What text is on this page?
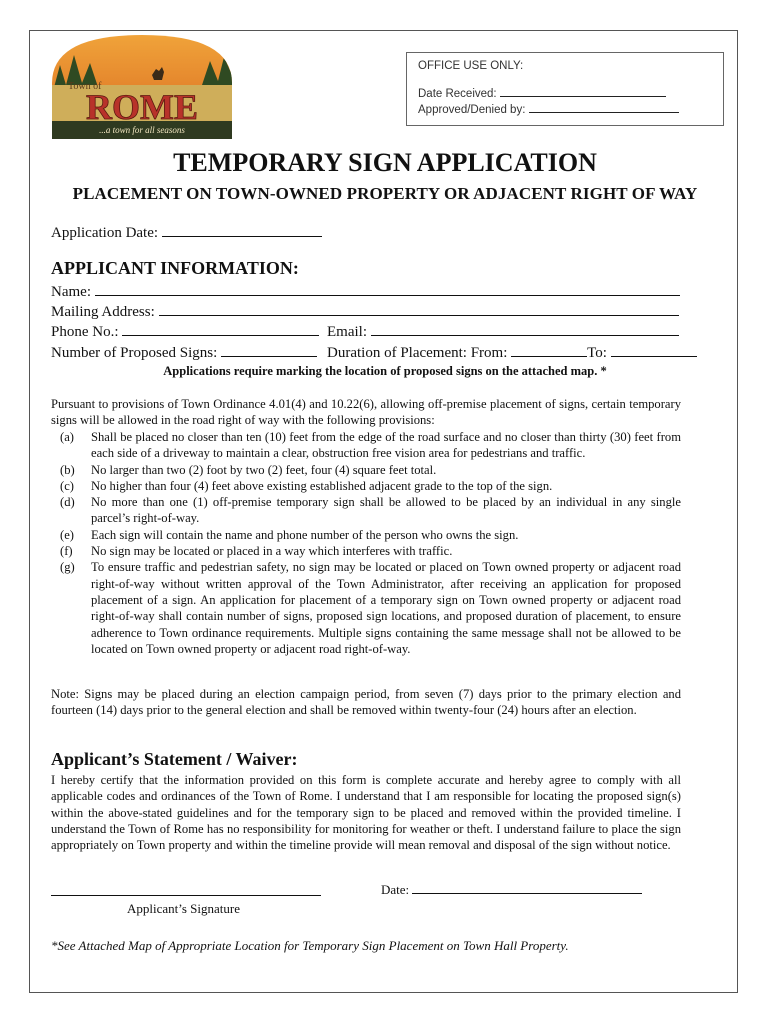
Town of
ROME
...a town for all seasons
OFFICE USE ONLY:
Date Received:
Approved/Denied by:
TEMPORARY SIGN APPLICATION
PLACEMENT ON TOWN-OWNED PROPERTY OR ADJACENT RIGHT OF WAY
Application Date:
APPLICANT INFORMATION:
Name:
Mailing Address:
Phone No.:	Email:
Number of Proposed Signs:	Duration of Placement: From:	To:
Applications require marking the location of proposed signs on the attached map. *
Pursuant to provisions of Town Ordinance 4.01(4) and 10.22(6), allowing off-premise placement of signs, certain temporary signs will be allowed in the road right of way with the following provisions:
(a) Shall be placed no closer than ten (10) feet from the edge of the road surface and no closer than thirty (30) feet from each side of a driveway to maintain a clear, obstruction free vision area for pedestrians and traffic.
(b) No larger than two (2) foot by two (2) feet, four (4) square feet total.
(c) No higher than four (4) feet above existing established adjacent grade to the top of the sign.
(d) No more than one (1) off-premise temporary sign shall be allowed to be placed by an individual in any single parcel’s right-of-way.
(e) Each sign will contain the name and phone number of the person who owns the sign.
(f) No sign may be located or placed in a way which interferes with traffic.
(g) To ensure traffic and pedestrian safety, no sign may be located or placed on Town owned property or adjacent road right-of-way without written approval of the Town Administrator, after receiving an application for proposed placement of a sign. An application for placement of a temporary sign on Town owned property or adjacent road right-of-way shall contain number of signs, proposed sign locations, and proposed duration of placement, to ensure adherence to Town ordinance requirements. Multiple signs containing the same message shall not be allowed to be located on Town owned property or adjacent road right-of-way.
Note: Signs may be placed during an election campaign period, from seven (7) days prior to the primary election and fourteen (14) days prior to the general election and shall be removed within twenty-four (24) hours after an election.
Applicant’s Statement / Waiver:
I hereby certify that the information provided on this form is complete accurate and hereby agree to comply with all applicable codes and ordinances of the Town of Rome. I understand that I am responsible for locating the proposed sign(s) within the above-stated guidelines and for the temporary sign to be placed and removed within the provided timeline. I understand the Town of Rome has no responsibility for monitoring for weather or theft. I understand failure to place the sign appropriately on Town property and within the timeline provide will mean removal and disposal of the sign without notice.
Date:
Applicant’s Signature
*See Attached Map of Appropriate Location for Temporary Sign Placement on Town Hall Property.
